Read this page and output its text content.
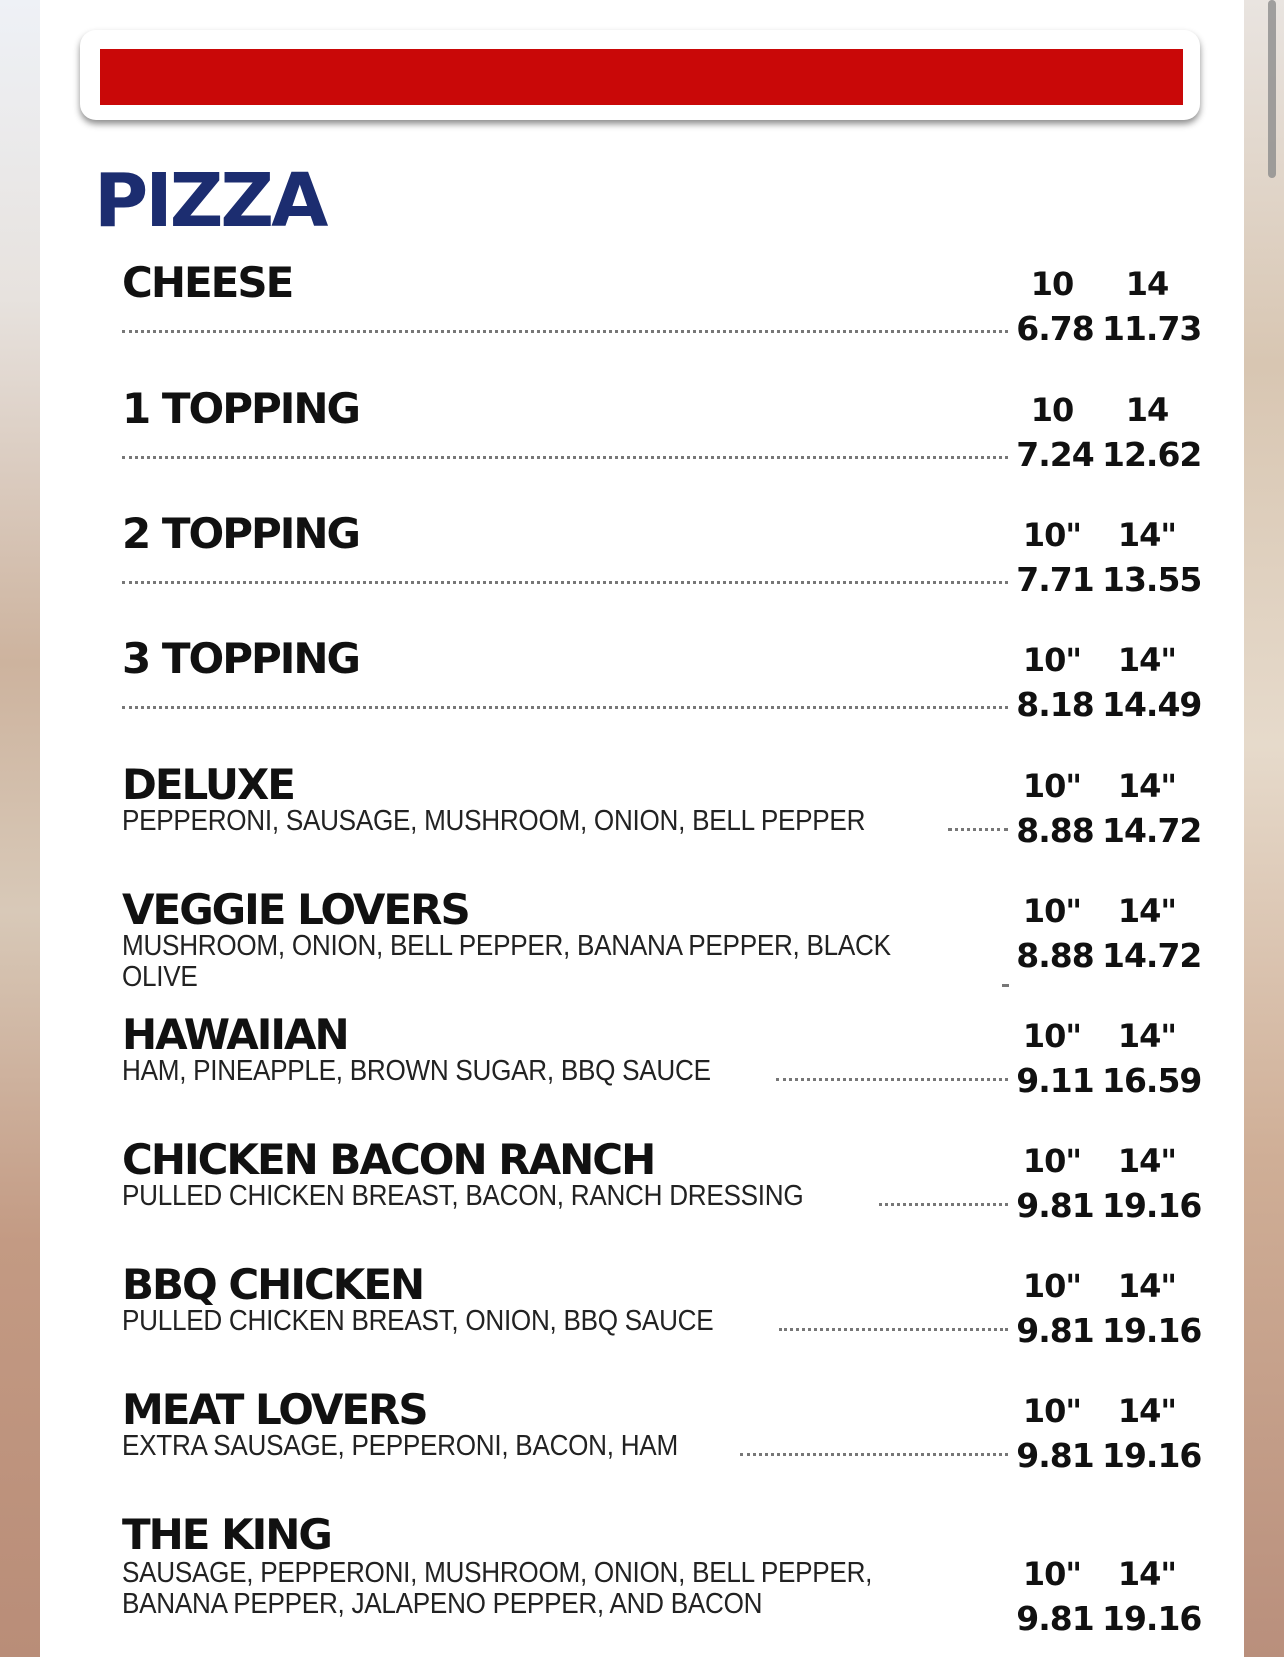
PIZZA
CHEESE	10	14
6.78 11.73
1 TOPPING	10	14
7.24 12.62
2 TOPPING	10"	14"
7.71 13.55
3 TOPPING	10"	14"
8.18 14.49
DELUXE
PEPPERONI, SAUSAGE, MUSHROOM, ONION, BELL PEPPER
10"	14"
8.88 14.72
VEGGIE LOVERS
MUSHROOM, ONION, BELL PEPPER, BANANA PEPPER, BLACK OLIVE
10"	14"
8.88 14.72
HAWAIIAN
HAM, PINEAPPLE, BROWN SUGAR, BBQ SAUCE
10"	14"
9.11 16.59
CHICKEN BACON RANCH
PULLED CHICKEN BREAST, BACON, RANCH DRESSING
10"	14"
9.81 19.16
BBQ CHICKEN
PULLED CHICKEN BREAST, ONION, BBQ SAUCE
10"	14"
9.81 19.16
MEAT LOVERS
EXTRA SAUSAGE, PEPPERONI, BACON, HAM
10"	14"
9.81 19.16
THE KING
SAUSAGE, PEPPERONI, MUSHROOM, ONION, BELL PEPPER, BANANA PEPPER, JALAPENO PEPPER, AND BACON
10"	14"
9.81 19.16
